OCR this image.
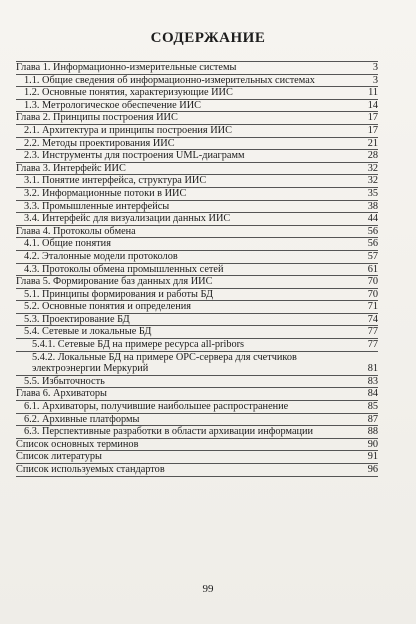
СОДЕРЖАНИЕ
Глава 1. Информационно-измерительные системы	3
1.1. Общие сведения об информационно-измерительных системах	3
1.2. Основные понятия, характеризующие ИИС	11
1.3. Метрологическое обеспечение ИИС	14
Глава 2. Принципы построения ИИС	17
2.1. Архитектура и принципы построения ИИС	17
2.2. Методы проектирования ИИС	21
2.3. Инструменты для построения UML-диаграмм	28
Глава 3. Интерфейс ИИС	32
3.1. Понятие интерфейса, структура ИИС	32
3.2. Информационные потоки в ИИС	35
3.3. Промышленные интерфейсы	38
3.4. Интерфейс для визуализации данных ИИС	44
Глава 4. Протоколы обмена	56
4.1. Общие понятия	56
4.2. Эталонные модели протоколов	57
4.3. Протоколы обмена промышленных сетей	61
Глава 5. Формирование баз данных для ИИС	70
5.1. Принципы формирования и работы БД	70
5.2. Основные понятия и определения	71
5.3. Проектирование БД	74
5.4. Сетевые и локальные БД	77
5.4.1. Сетевые БД на примере ресурса all-pribors	77
5.4.2. Локальные БД на примере OPC-сервера для счетчиков электроэнергии Меркурий	81
5.5. Избыточность	83
Глава 6. Архиваторы	84
6.1. Архиваторы, получившие наибольшее распространение	85
6.2. Архивные платформы	87
6.3. Перспективные разработки в области архивации информации	88
Список основных терминов	90
Список литературы	91
Список используемых стандартов	96
99
